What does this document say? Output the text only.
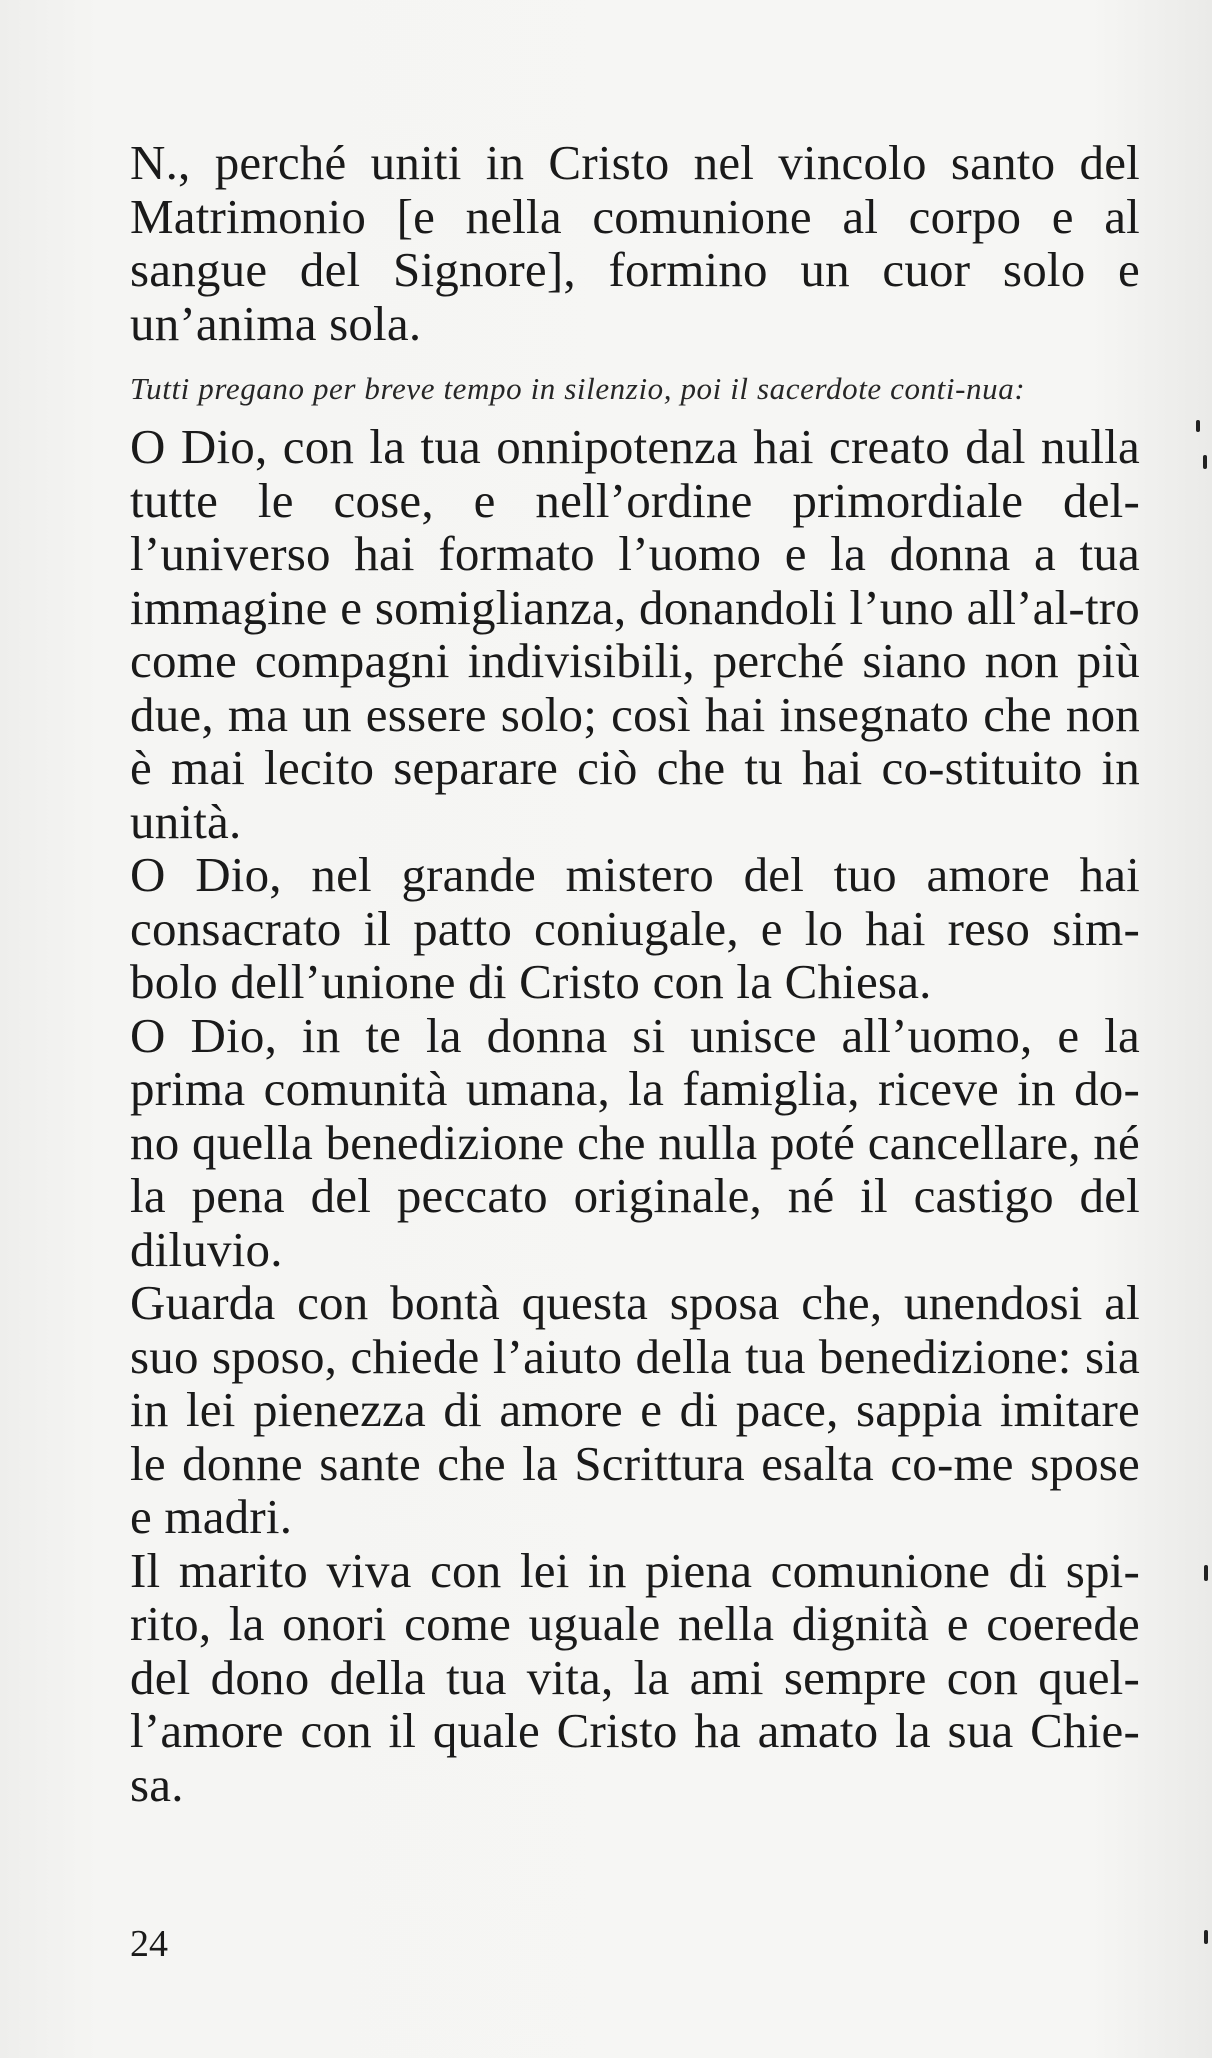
N., perché uniti in Cristo nel vincolo santo del Matrimonio [e nella comunione al corpo e al sangue del Signore], formino un cuor solo e un’anima sola.

Tutti pregano per breve tempo in silenzio, poi il sacerdote conti-nua:

O Dio, con la tua onnipotenza hai creato dal nulla tutte le cose, e nell’ordine primordiale del-l’universo hai formato l’uomo e la donna a tua immagine e somiglianza, donandoli l’uno all’al-tro come compagni indivisibili, perché siano non più due, ma un essere solo; così hai insegnato che non è mai lecito separare ciò che tu hai co-stituito in unità.

O Dio, nel grande mistero del tuo amore hai consacrato il patto coniugale, e lo hai reso sim-bolo dell’unione di Cristo con la Chiesa.

O Dio, in te la donna si unisce all’uomo, e la prima comunità umana, la famiglia, riceve in do-no quella benedizione che nulla poté cancellare, né la pena del peccato originale, né il castigo del diluvio.

Guarda con bontà questa sposa che, unendosi al suo sposo, chiede l’aiuto della tua benedizione: sia in lei pienezza di amore e di pace, sappia imitare le donne sante che la Scrittura esalta co-me spose e madri.

Il marito viva con lei in piena comunione di spi-rito, la onori come uguale nella dignità e coerede del dono della tua vita, la ami sempre con quel-l’amore con il quale Cristo ha amato la sua Chie-sa.

24
